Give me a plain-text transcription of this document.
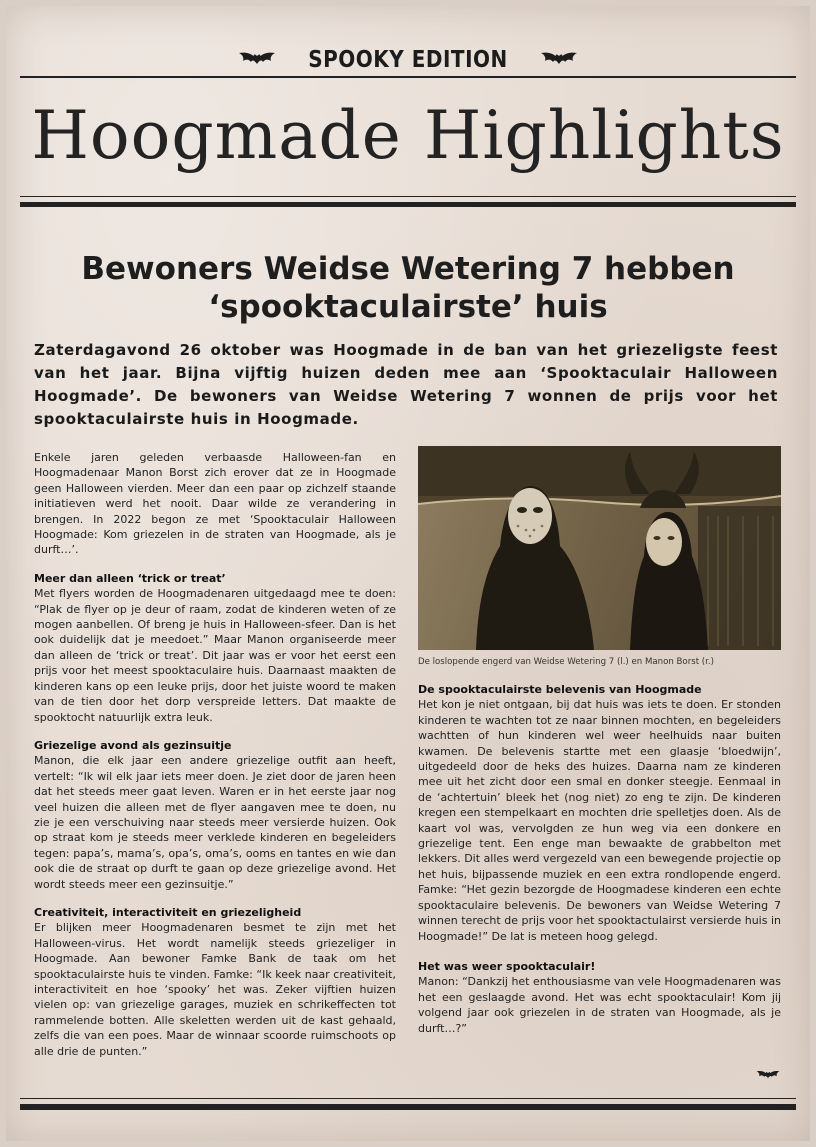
SPOOKY EDITION
Hoogmade Highlights
Bewoners Weidse Wetering 7 hebben ‘spooktaculairste’ huis
Zaterdagavond 26 oktober was Hoogmade in de ban van het griezeligste feest van het jaar. Bijna vijftig huizen deden mee aan ‘Spooktaculair Halloween Hoogmade’. De bewoners van Weidse Wetering 7 wonnen de prijs voor het spooktaculairste huis in Hoogmade.

Enkele jaren geleden verbaasde Halloween-fan en Hoogmadenaar Manon Borst zich erover dat ze in Hoogmade geen Halloween vierden. Meer dan een paar op zichzelf staande initiatieven werd het nooit. Daar wilde ze verandering in brengen. In 2022 begon ze met ‘Spooktaculair Halloween Hoogmade: Kom griezelen in de straten van Hoogmade, als je durft…’.

Meer dan alleen ‘trick or treat’

Met flyers worden de Hoogmadenaren uitgedaagd mee te doen: “Plak de flyer op je deur of raam, zodat de kinderen weten of ze mogen aanbellen. Of breng je huis in Halloween-sfeer. Dan is het ook duidelijk dat je meedoet.” Maar Manon organiseerde meer dan alleen de ‘trick or treat’. Dit jaar was er voor het eerst een prijs voor het meest spooktaculaire huis. Daarnaast maakten de kinderen kans op een leuke prijs, door het juiste woord te maken van de tien door het dorp verspreide letters. Dat maakte de spooktocht natuurlijk extra leuk.

Griezelige avond als gezinsuitje

Manon, die elk jaar een andere griezelige outfit aan heeft, vertelt: “Ik wil elk jaar iets meer doen. Je ziet door de jaren heen dat het steeds meer gaat leven. Waren er in het eerste jaar nog veel huizen die alleen met de flyer aangaven mee te doen, nu zie je een verschuiving naar steeds meer versierde huizen. Ook op straat kom je steeds meer verklede kinderen en begeleiders tegen: papa’s, mama’s, opa’s, oma’s, ooms en tantes en wie dan ook die de straat op durft te gaan op deze griezelige avond. Het wordt steeds meer een gezinsuitje.”

Creativiteit, interactiviteit en griezeligheid

Er blijken meer Hoogmadenaren besmet te zijn met het Halloween-virus. Het wordt namelijk steeds griezeliger in Hoogmade. Aan bewoner Famke Bank de taak om het spooktaculairste huis te vinden. Famke: “Ik keek naar creativiteit, interactiviteit en hoe ‘spooky’ het was. Zeker vijftien huizen vielen op: van griezelige garages, muziek en schrikeffecten tot rammelende botten. Alle skeletten werden uit de kast gehaald, zelfs die van een poes. Maar de winnaar scoorde ruimschoots op alle drie de punten.”

De loslopende engerd van Weidse Wetering 7 (l.) en Manon Borst (r.)
De spooktaculairste belevenis van Hoogmade

Het kon je niet ontgaan, bij dat huis was iets te doen. Er stonden kinderen te wachten tot ze naar binnen mochten, en begeleiders wachtten of hun kinderen wel weer heelhuids naar buiten kwamen. De belevenis startte met een glaasje ‘bloedwijn’, uitgedeeld door de heks des huizes. Daarna nam ze kinderen mee uit het zicht door een smal en donker steegje. Eenmaal in de ‘achtertuin’ bleek het (nog niet) zo eng te zijn. De kinderen kregen een stempelkaart en mochten drie spelletjes doen. Als de kaart vol was, vervolgden ze hun weg via een donkere en griezelige tent. Een enge man bewaakte de grabbelton met lekkers. Dit alles werd vergezeld van een bewegende projectie op het huis, bijpassende muziek en een extra rondlopende engerd. Famke: “Het gezin bezorgde de Hoogmadese kinderen een echte spooktaculaire belevenis. De bewoners van Weidse Wetering 7 winnen terecht de prijs voor het spooktactulairst versierde huis in Hoogmade!” De lat is meteen hoog gelegd.

Het was weer spooktaculair!

Manon: “Dankzij het enthousiasme van vele Hoogmadenaren was het een geslaagde avond. Het was echt spooktaculair! Kom jij volgend jaar ook griezelen in de straten van Hoogmade, als je durft…?”
